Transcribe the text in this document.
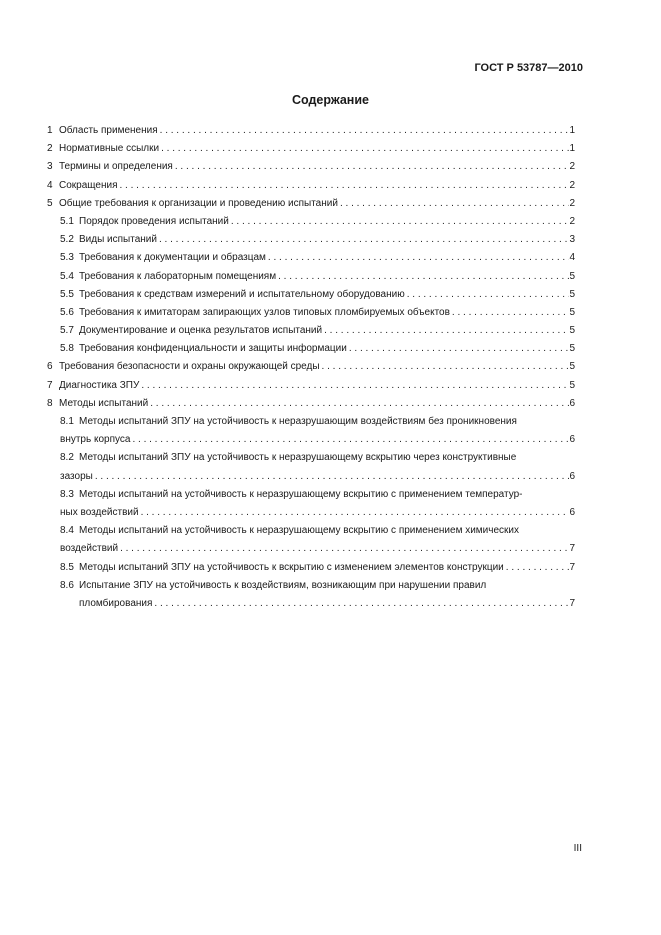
ГОСТ Р 53787—2010
Содержание
1 Область применения . . .	1
2 Нормативные ссылки . . .	1
3 Термины и определения . . .	2
4 Сокращения . . .	2
5 Общие требования к организации и проведению испытаний . . .	2
5.1 Порядок проведения испытаний . . .	2
5.2 Виды испытаний . . .	3
5.3 Требования к документации и образцам . . .	4
5.4 Требования к лабораторным помещениям . . .	5
5.5 Требования к средствам измерений и испытательному оборудованию . . .	5
5.6 Требования к имитаторам запирающих узлов типовых пломбируемых объектов . . .	5
5.7 Документирование и оценка результатов испытаний . . .	5
5.8 Требования конфиденциальности и защиты информации . . .	5
6 Требования безопасности и охраны окружающей среды . . .	5
7 Диагностика ЗПУ . . .	5
8 Методы испытаний . . .	6
8.1 Методы испытаний ЗПУ на устойчивость к неразрушающим воздействиям без проникновения
внутрь корпуса . . .	6
8.2 Методы испытаний ЗПУ на устойчивость к неразрушающему вскрытию через конструктивные
зазоры . . .	6
8.3 Методы испытаний на устойчивость к неразрушающему вскрытию с применением температур-
ных воздействий . . .	6
8.4 Методы испытаний на устойчивость к неразрушающему вскрытию с применением химических
воздействий . . .	7
8.5 Методы испытаний ЗПУ на устойчивость к вскрытию с изменением элементов конструкции . . .	7
8.6 Испытание ЗПУ на устойчивость к воздействиям, возникающим при нарушении правил
пломбирования . . .	7
III
